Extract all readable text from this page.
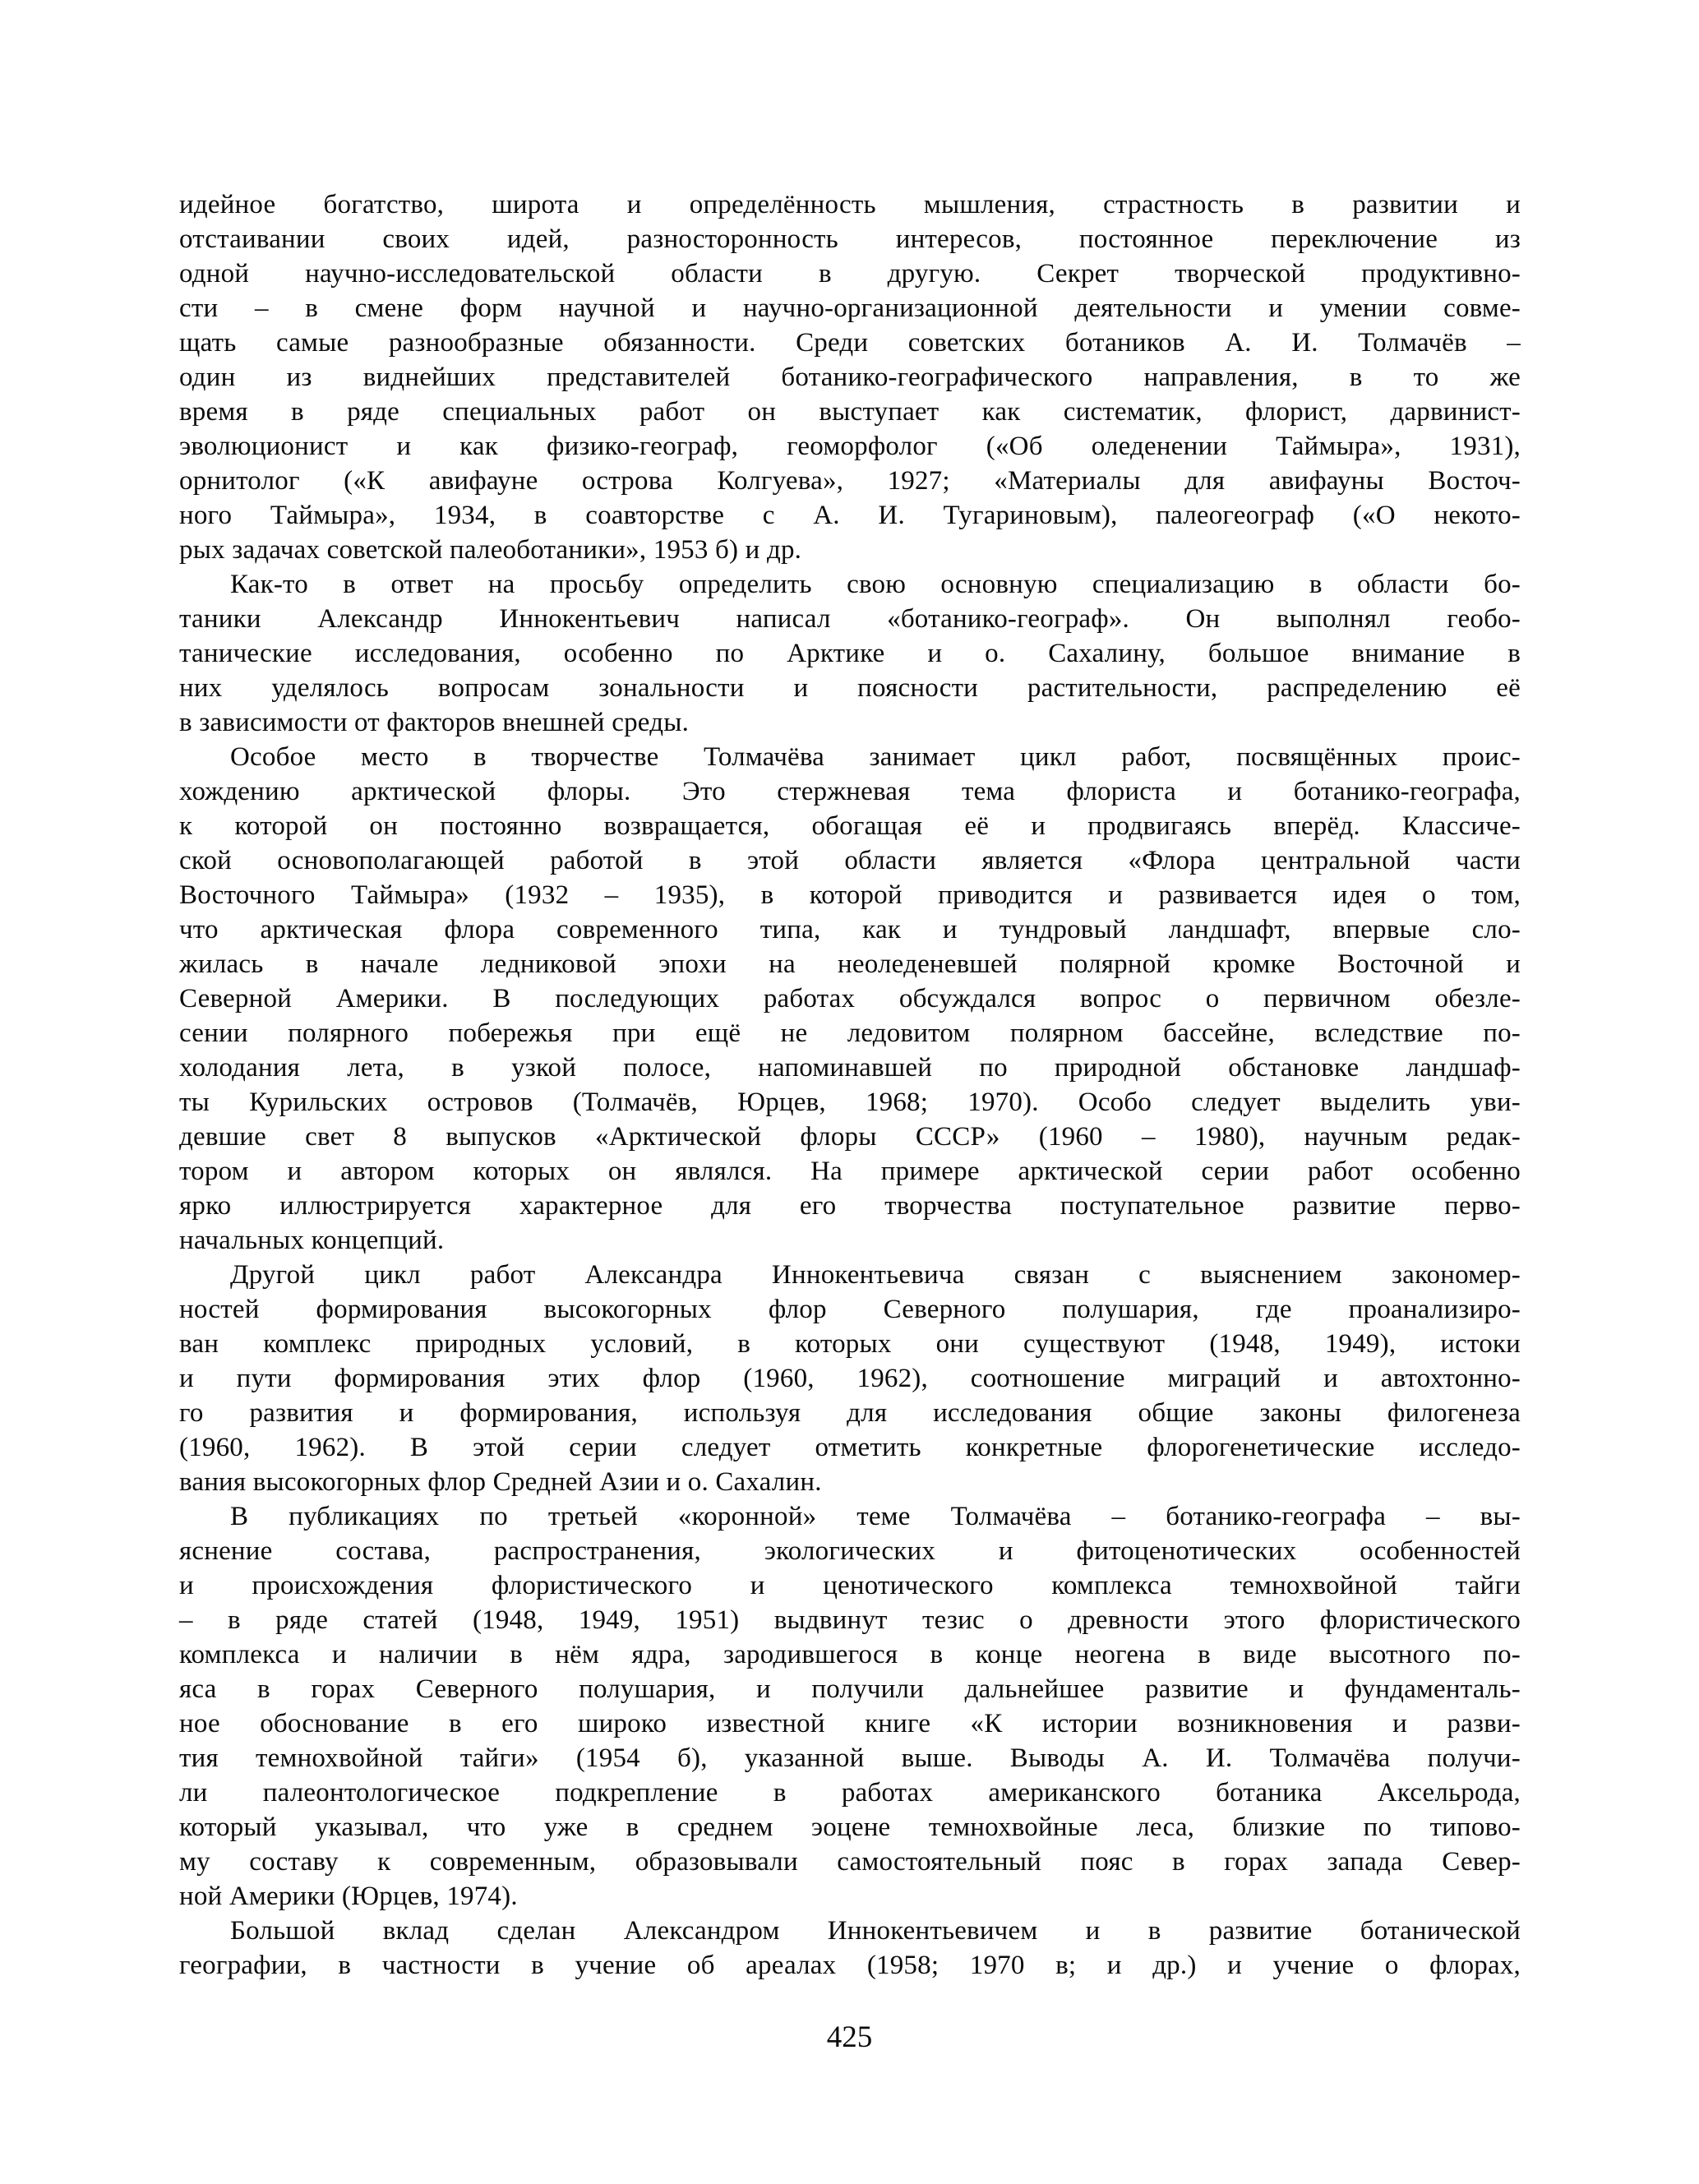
идейное богатство, широта и определённость мышления, страстность в развитии и
отстаивании своих идей, разносторонность интересов, постоянное переключение из
одной научно-исследовательской области в другую. Секрет творческой продуктивно-
сти – в смене форм научной и научно-организационной деятельности и умении совме-
щать самые разнообразные обязанности. Среди советских ботаников А. И. Толмачёв –
один из виднейших представителей ботанико-географического направления, в то же
время в ряде специальных работ он выступает как систематик, флорист, дарвинист-
эволюционист и как физико-географ, геоморфолог («Об оледенении Таймыра», 1931),
орнитолог («К авифауне острова Колгуева», 1927; «Материалы для авифауны Восточ-
ного Таймыра», 1934, в соавторстве с А. И. Тугариновым), палеогеограф («О некото-
рых задачах советской палеоботаники», 1953 б) и др.
Как-то в ответ на просьбу определить свою основную специализацию в области бо-
таники Александр Иннокентьевич написал «ботанико-географ». Он выполнял геобо-
танические исследования, особенно по Арктике и о. Сахалину, большое внимание в
них уделялось вопросам зональности и поясности растительности, распределению её
в зависимости от факторов внешней среды.
Особое место в творчестве Толмачёва занимает цикл работ, посвящённых проис-
хождению арктической флоры. Это стержневая тема флориста и ботанико-географа,
к которой он постоянно возвращается, обогащая её и продвигаясь вперёд. Классиче-
ской основополагающей работой в этой области является «Флора центральной части
Восточного Таймыра» (1932 – 1935), в которой приводится и развивается идея о том,
что арктическая флора современного типа, как и тундровый ландшафт, впервые сло-
жилась в начале ледниковой эпохи на неоледеневшей полярной кромке Восточной и
Северной Америки. В последующих работах обсуждался вопрос о первичном обезле-
сении полярного побережья при ещё не ледовитом полярном бассейне, вследствие по-
холодания лета, в узкой полосе, напоминавшей по природной обстановке ландшаф-
ты Курильских островов (Толмачёв, Юрцев, 1968; 1970). Особо следует выделить уви-
девшие свет 8 выпусков «Арктической флоры СССР» (1960 – 1980), научным редак-
тором и автором которых он являлся. На примере арктической серии работ особенно
ярко иллюстрируется характерное для его творчества поступательное развитие перво-
начальных концепций.
Другой цикл работ Александра Иннокентьевича связан с выяснением закономер-
ностей формирования высокогорных флор Северного полушария, где проанализиро-
ван комплекс природных условий, в которых они существуют (1948, 1949), истоки
и пути формирования этих флор (1960, 1962), соотношение миграций и автохтонно-
го развития и формирования, используя для исследования общие законы филогенеза
(1960, 1962). В этой серии следует отметить конкретные флорогенетические исследо-
вания высокогорных флор Средней Азии и о. Сахалин.
В публикациях по третьей «коронной» теме Толмачёва – ботанико-географа – вы-
яснение состава, распространения, экологических и фитоценотических особенностей
и происхождения флористического и ценотического комплекса темнохвойной тайги
– в ряде статей (1948, 1949, 1951) выдвинут тезис о древности этого флористического
комплекса и наличии в нём ядра, зародившегося в конце неогена в виде высотного по-
яса в горах Северного полушария, и получили дальнейшее развитие и фундаменталь-
ное обоснование в его широко известной книге «К истории возникновения и разви-
тия темнохвойной тайги» (1954 б), указанной выше. Выводы А. И. Толмачёва получи-
ли палеонтологическое подкрепление в работах американского ботаника Аксельрода,
который указывал, что уже в среднем эоцене темнохвойные леса, близкие по типово-
му составу к современным, образовывали самостоятельный пояс в горах запада Север-
ной Америки (Юрцев, 1974).
Большой вклад сделан Александром Иннокентьевичем и в развитие ботанической
географии, в частности в учение об ареалах (1958; 1970 в; и др.) и учение о флорах,
425
